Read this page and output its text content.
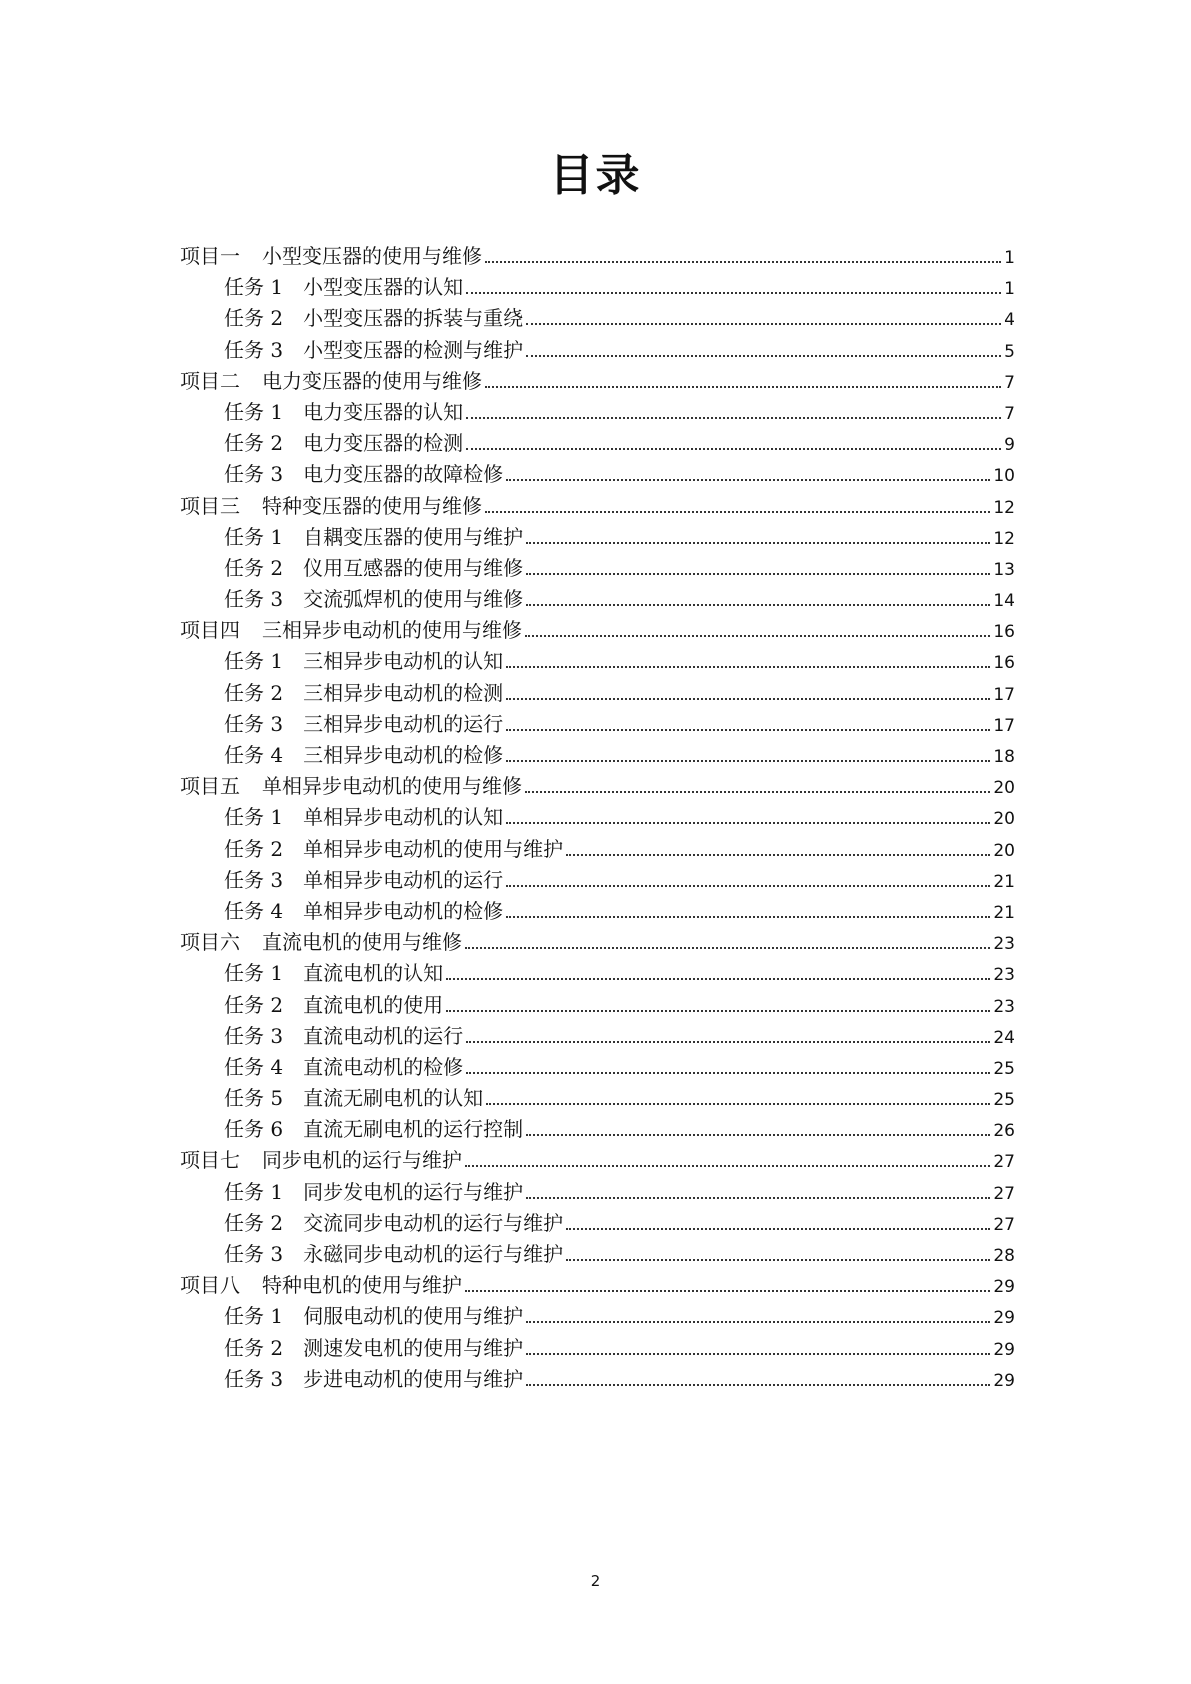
目录
项目一 小型变压器的使用与维修	1
任务 1 小型变压器的认知	1
任务 2 小型变压器的拆装与重绕	4
任务 3 小型变压器的检测与维护	5
项目二 电力变压器的使用与维修	7
任务 1 电力变压器的认知	7
任务 2 电力变压器的检测	9
任务 3 电力变压器的故障检修	10
项目三 特种变压器的使用与维修	12
任务 1 自耦变压器的使用与维护	12
任务 2 仪用互感器的使用与维修	13
任务 3 交流弧焊机的使用与维修	14
项目四 三相异步电动机的使用与维修	16
任务 1 三相异步电动机的认知	16
任务 2 三相异步电动机的检测	17
任务 3 三相异步电动机的运行	17
任务 4 三相异步电动机的检修	18
项目五 单相异步电动机的使用与维修	20
任务 1 单相异步电动机的认知	20
任务 2 单相异步电动机的使用与维护	20
任务 3 单相异步电动机的运行	21
任务 4 单相异步电动机的检修	21
项目六 直流电机的使用与维修	23
任务 1 直流电机的认知	23
任务 2 直流电机的使用	23
任务 3 直流电动机的运行	24
任务 4 直流电动机的检修	25
任务 5 直流无刷电机的认知	25
任务 6 直流无刷电机的运行控制	26
项目七 同步电机的运行与维护	27
任务 1 同步发电机的运行与维护	27
任务 2 交流同步电动机的运行与维护	27
任务 3 永磁同步电动机的运行与维护	28
项目八 特种电机的使用与维护	29
任务 1 伺服电动机的使用与维护	29
任务 2 测速发电机的使用与维护	29
任务 3 步进电动机的使用与维护	29
2
